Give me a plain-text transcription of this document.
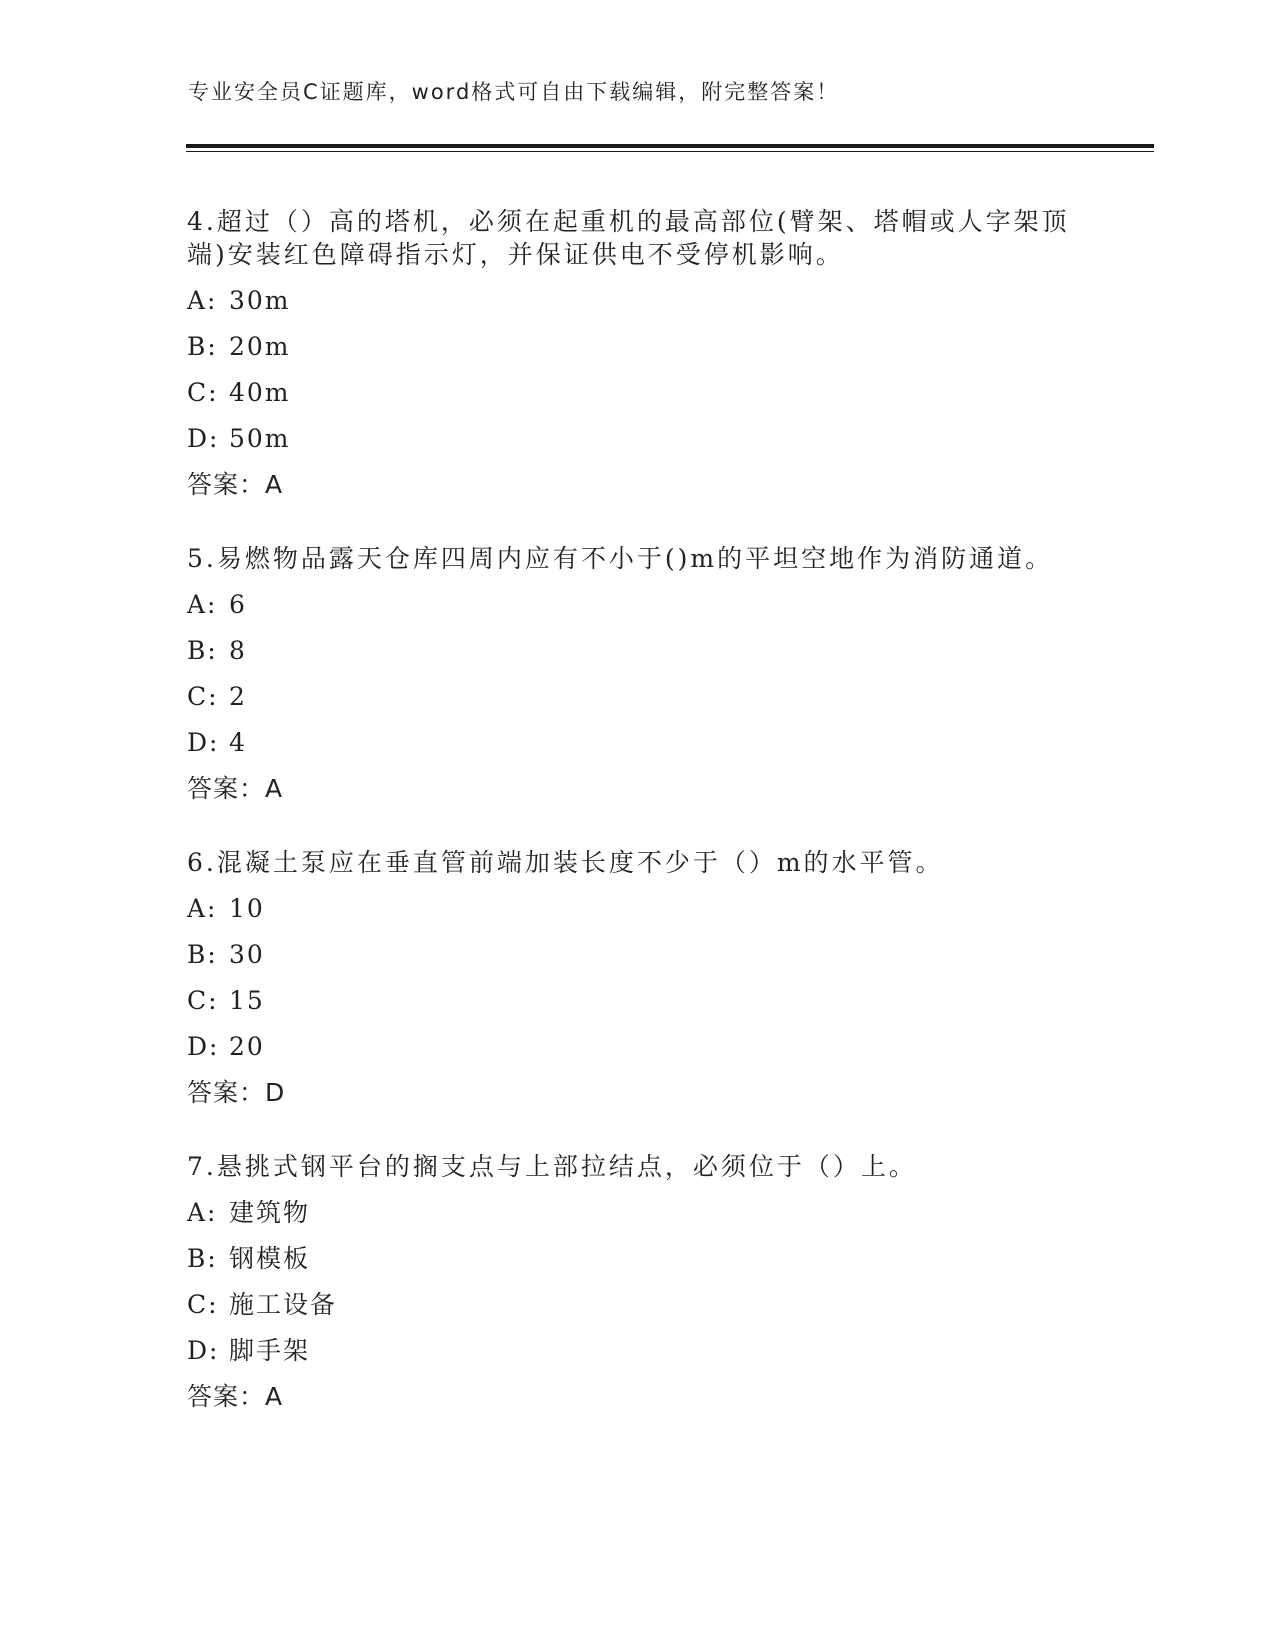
专业安全员C证题库，word格式可自由下载编辑，附完整答案！
4.超过（）高的塔机，必须在起重机的最高部位(臂架、塔帽或人字架顶端)安装红色障碍指示灯，并保证供电不受停机影响。
A: 30m
B: 20m
C: 40m
D: 50m
答案：A
5.易燃物品露天仓库四周内应有不小于()m的平坦空地作为消防通道。
A: 6
B: 8
C: 2
D: 4
答案：A
6.混凝土泵应在垂直管前端加装长度不少于（）m的水平管。
A: 10
B: 30
C: 15
D: 20
答案：D
7.悬挑式钢平台的搁支点与上部拉结点，必须位于（）上。
A: 建筑物
B: 钢模板
C: 施工设备
D: 脚手架
答案：A
